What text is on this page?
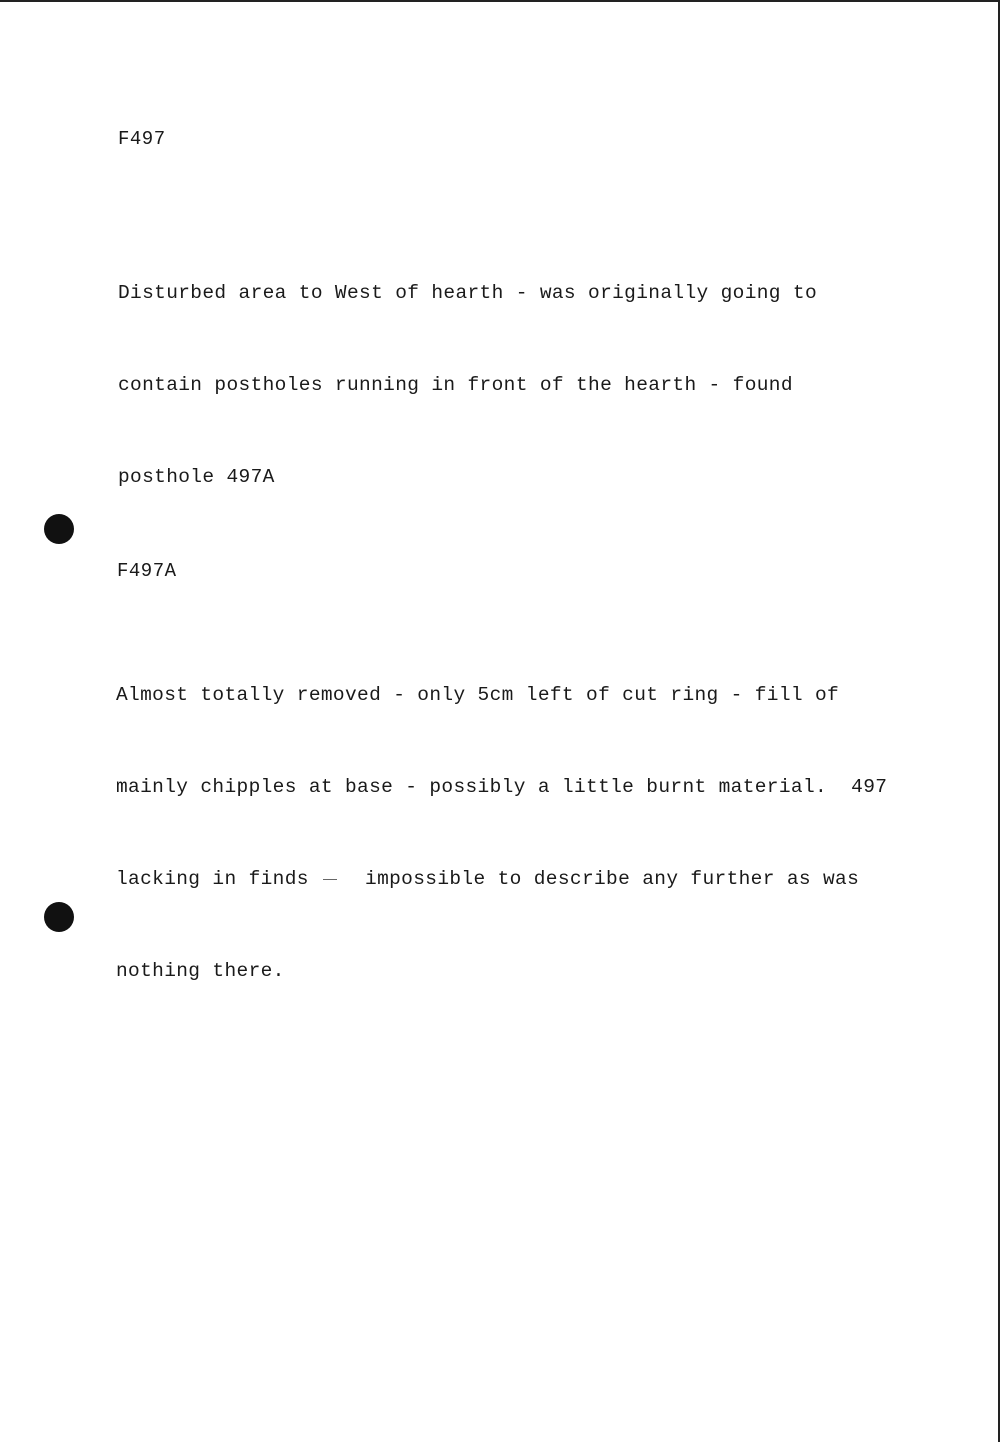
F497

Disturbed area to West of hearth - was originally going to

contain postholes running in front of the hearth - found

posthole 497A

F497A

Almost totally removed - only 5cm left of cut ring - fill of

mainly chipples at base - possibly a little burnt material.  497

lacking in finds	impossible to describe any further as was

nothing there.
